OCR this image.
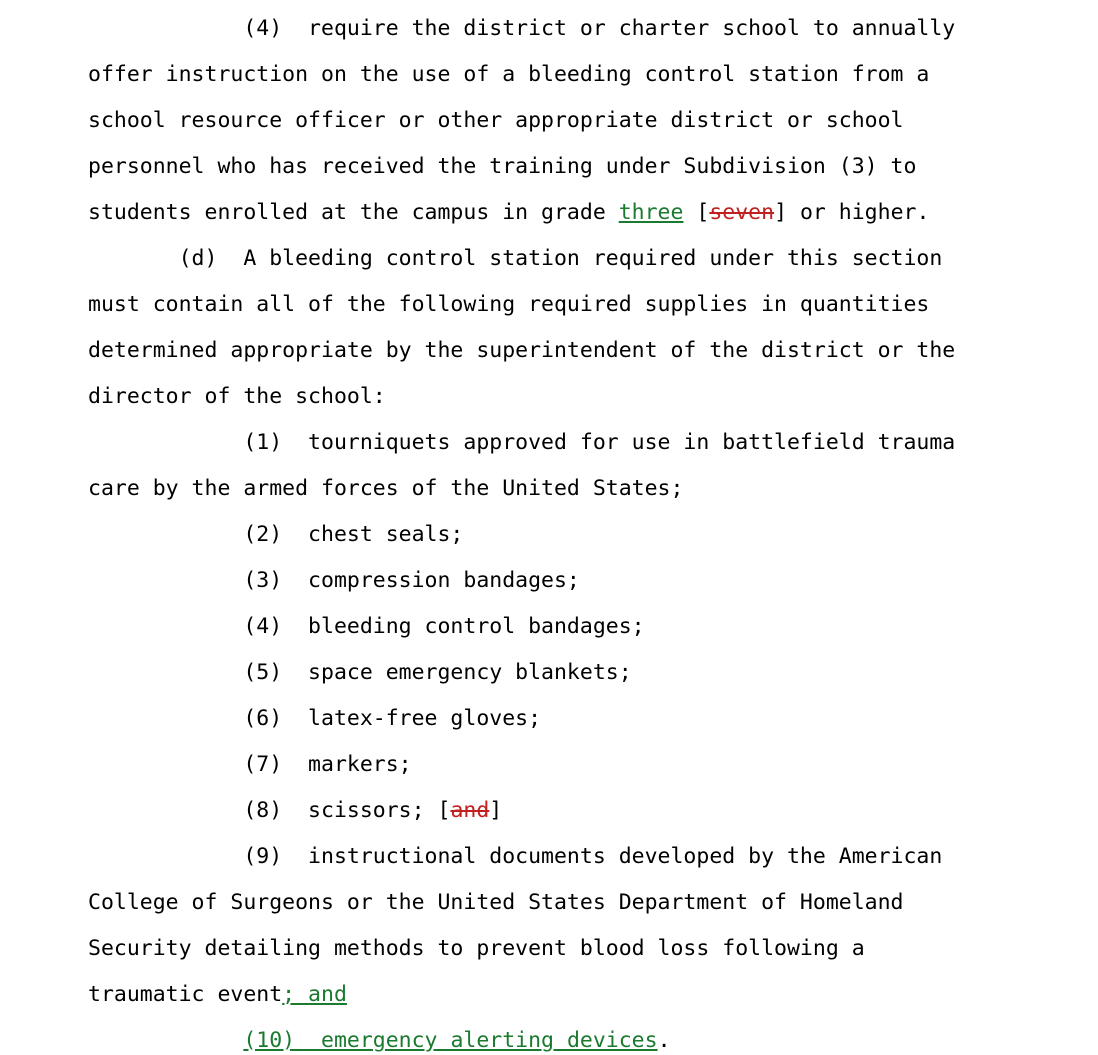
(4)  require the district or charter school to annually
offer instruction on the use of a bleeding control station from a
school resource officer or other appropriate district or school
personnel who has received the training under Subdivision (3) to
students enrolled at the campus in grade three [seven] or higher.
(d)  A bleeding control station required under this section
must contain all of the following required supplies in quantities
determined appropriate by the superintendent of the district or the
director of the school:
(1)  tourniquets approved for use in battlefield trauma
care by the armed forces of the United States;
(2)  chest seals;
(3)  compression bandages;
(4)  bleeding control bandages;
(5)  space emergency blankets;
(6)  latex-free gloves;
(7)  markers;
(8)  scissors; [and]
(9)  instructional documents developed by the American
College of Surgeons or the United States Department of Homeland
Security detailing methods to prevent blood loss following a
traumatic event; and
(10)  emergency alerting devices.
